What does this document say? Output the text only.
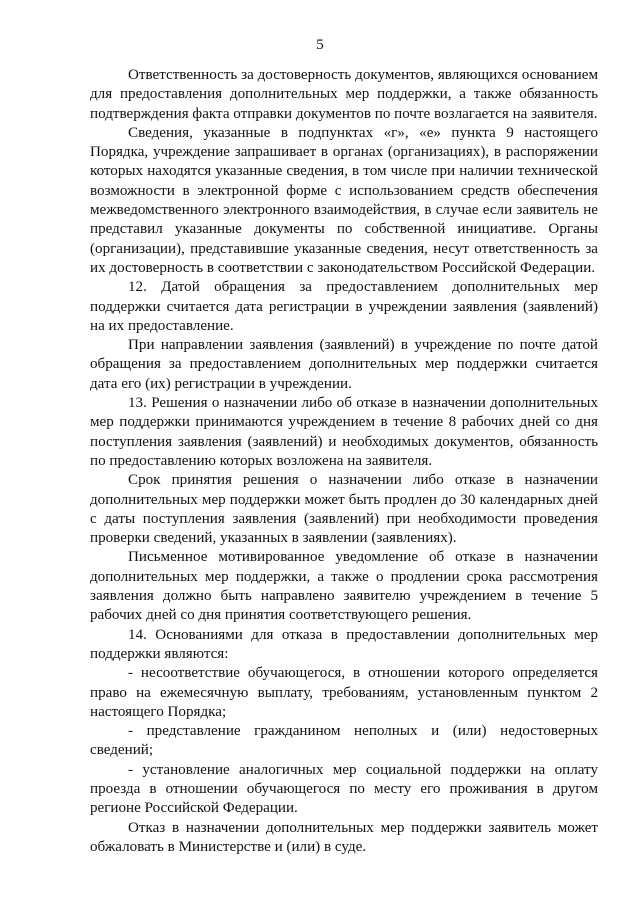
5

Ответственность за достоверность документов, являющихся основанием для предоставления дополнительных мер поддержки, а также обязанность подтверждения факта отправки документов по почте возлагается на заявителя.

Сведения, указанные в подпунктах «г», «е» пункта 9 настоящего Порядка, учреждение запрашивает в органах (организациях), в распоряжении которых находятся указанные сведения, в том числе при наличии технической возможности в электронной форме с использованием средств обеспечения межведомственного электронного взаимодействия, в случае если заявитель не представил указанные документы по собственной инициативе. Органы (организации), представившие указанные сведения, несут ответственность за их достоверность в соответствии с законодательством Российской Федерации.

12. Датой обращения за предоставлением дополнительных мер поддержки считается дата регистрации в учреждении заявления (заявлений) на их предоставление.

При направлении заявления (заявлений) в учреждение по почте датой обращения за предоставлением дополнительных мер поддержки считается дата его (их) регистрации в учреждении.

13. Решения о назначении либо об отказе в назначении дополнительных мер поддержки принимаются учреждением в течение 8 рабочих дней со дня поступления заявления (заявлений) и необходимых документов, обязанность по предоставлению которых возложена на заявителя.

Срок принятия решения о назначении либо отказе в назначении дополнительных мер поддержки может быть продлен до 30 календарных дней с даты поступления заявления (заявлений) при необходимости проведения проверки сведений, указанных в заявлении (заявлениях).

Письменное мотивированное уведомление об отказе в назначении дополнительных мер поддержки, а также о продлении срока рассмотрения заявления должно быть направлено заявителю учреждением в течение 5 рабочих дней со дня принятия соответствующего решения.

14. Основаниями для отказа в предоставлении дополнительных мер поддержки являются:

- несоответствие обучающегося, в отношении которого определяется право на ежемесячную выплату, требованиям, установленным пунктом 2 настоящего Порядка;

- представление гражданином неполных и (или) недостоверных сведений;

- установление аналогичных мер социальной поддержки на оплату проезда в отношении обучающегося по месту его проживания в другом регионе Российской Федерации.

Отказ в назначении дополнительных мер поддержки заявитель может обжаловать в Министерстве и (или) в суде.
